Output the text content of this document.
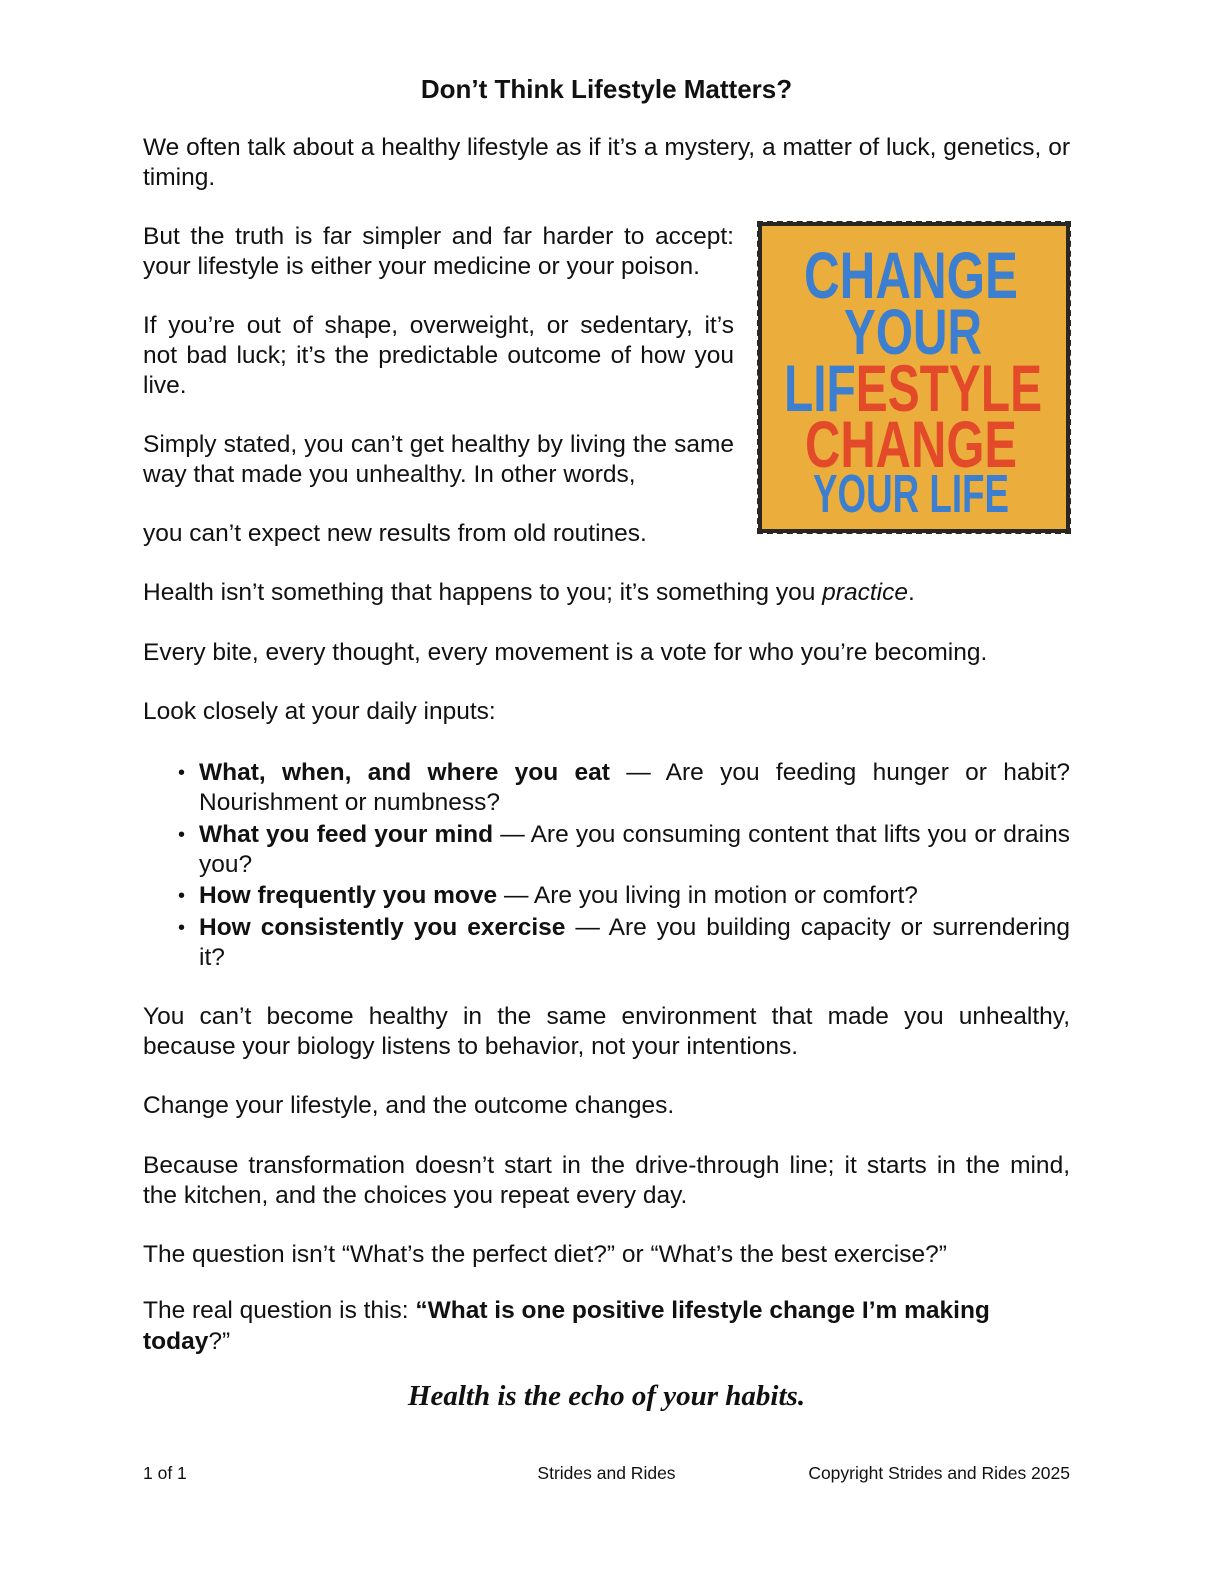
Don’t Think Lifestyle Matters?

We often talk about a healthy lifestyle as if it’s a mystery, a matter of luck, genetics, or timing.

But the truth is far simpler and far harder to accept: your lifestyle is either your medicine or your poison.

If you’re out of shape, overweight, or sedentary, it’s not bad luck; it’s the predictable outcome of how you live.

Simply stated, you can’t get healthy by living the same way that made you unhealthy. In other words,

you can’t expect new results from old routines.

Health isn’t something that happens to you; it’s something you practice.

Every bite, every thought, every movement is a vote for who you’re becoming.

Look closely at your daily inputs:

• What, when, and where you eat — Are you feeding hunger or habit? Nourishment or numbness?
• What you feed your mind — Are you consuming content that lifts you or drains you?
• How frequently you move — Are you living in motion or comfort?
• How consistently you exercise — Are you building capacity or surrendering it?

You can’t become healthy in the same environment that made you unhealthy, because your biology listens to behavior, not your intentions.

Change your lifestyle, and the outcome changes.

Because transformation doesn’t start in the drive-through line; it starts in the mind, the kitchen, and the choices you repeat every day.

The question isn’t “What’s the perfect diet?” or “What’s the best exercise?”

The real question is this: “What is one positive lifestyle change I’m making today?”

Health is the echo of your habits.
1 of 1	Strides and Rides	Copyright Strides and Rides 2025
CHANGE
YOUR
LIFESTYLE
CHANGE
YOUR LIFE
